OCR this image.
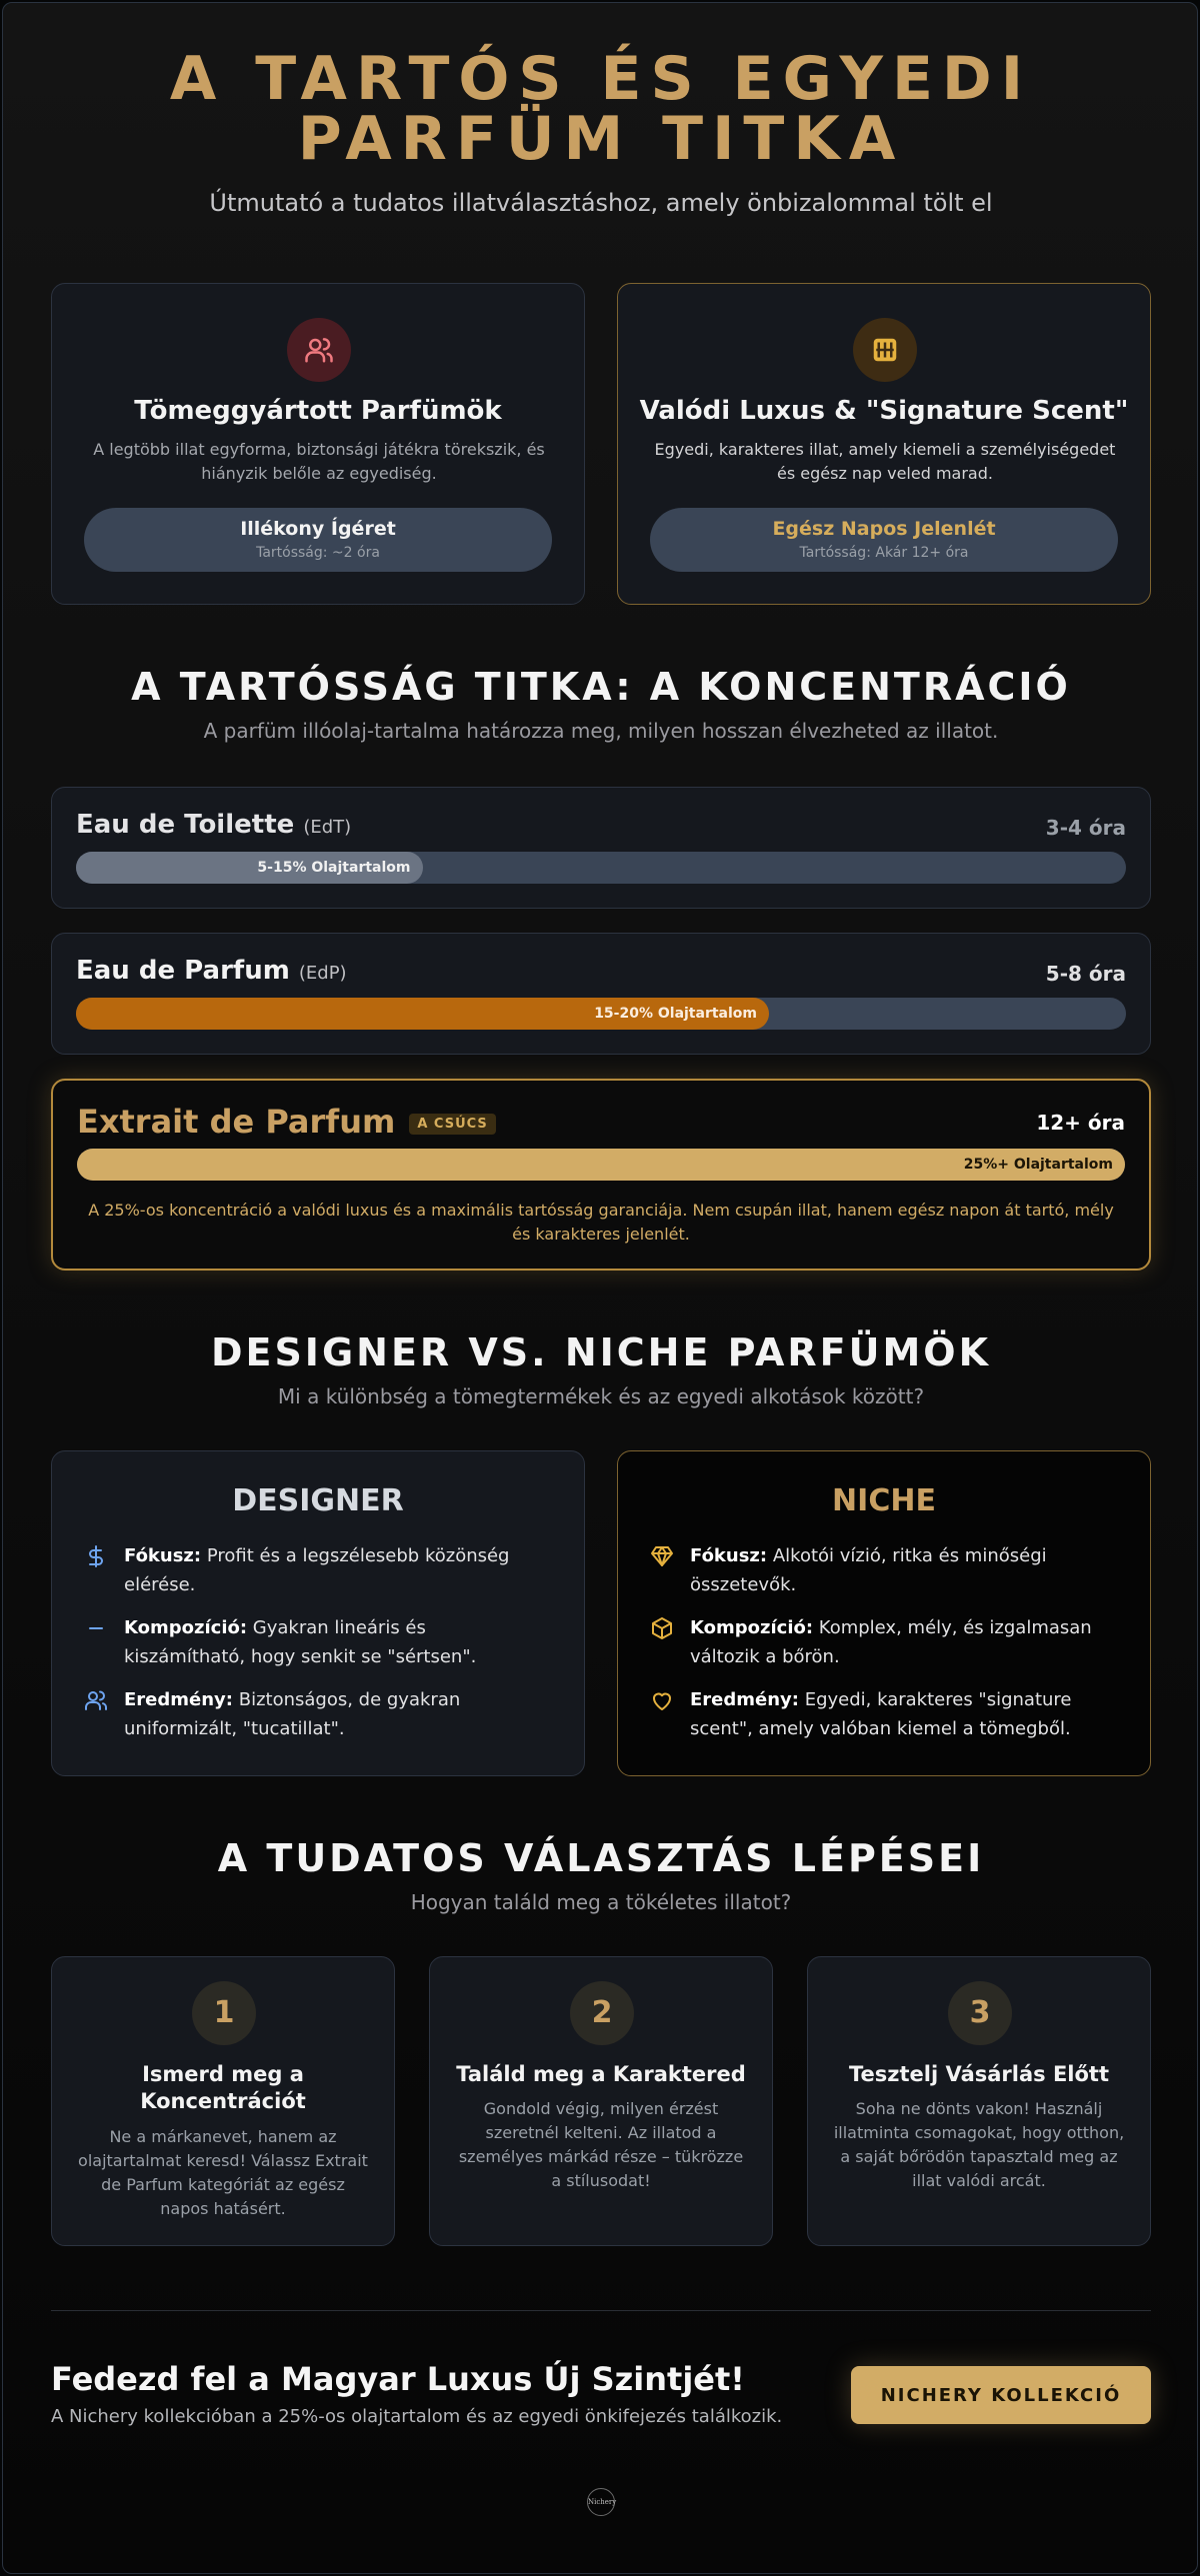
A TARTÓS ÉS EGYEDI
PARFÜM TITKA
Útmutató a tudatos illatválasztáshoz, amely önbizalommal tölt el
Tömeggyártott Parfümök
A legtöbb illat egyforma, biztonsági játékra törekszik, és hiányzik belőle az egyediség.
Illékony Ígéret
Tartósság: ~2 óra
Valódi Luxus & "Signature Scent"
Egyedi, karakteres illat, amely kiemeli a személyiségedet és egész nap veled marad.
Egész Napos Jelenlét
Tartósság: Akár 12+ óra
A TARTÓSSÁG TITKA: A KONCENTRÁCIÓ
A parfüm illóolaj-tartalma határozza meg, milyen hosszan élvezheted az illatot.
Eau de Toilette (EdT)	3-4 óra
5-15% Olajtartalom
Eau de Parfum (EdP)	5-8 óra
15-20% Olajtartalom
Extrait de Parfum A CSÚCS	12+ óra
25%+ Olajtartalom
A 25%-os koncentráció a valódi luxus és a maximális tartósság garanciája. Nem csupán illat, hanem egész napon át tartó, mély és karakteres jelenlét.
DESIGNER VS. NICHE PARFÜMÖK
Mi a különbség a tömegtermékek és az egyedi alkotások között?
DESIGNER
Fókusz: Profit és a legszélesebb közönség elérése.
Kompozíció: Gyakran lineáris és kiszámítható, hogy senkit se "sértsen".
Eredmény: Biztonságos, de gyakran uniformizált, "tucatillat".
NICHE
Fókusz: Alkotói vízió, ritka és minőségi összetevők.
Kompozíció: Komplex, mély, és izgalmasan változik a bőrön.
Eredmény: Egyedi, karakteres "signature scent", amely valóban kiemel a tömegből.
A TUDATOS VÁLASZTÁS LÉPÉSEI
Hogyan találd meg a tökéletes illatot?
1
Ismerd meg a
Koncentrációt
Ne a márkanevet, hanem az
olajtartalmat keresd! Válassz Extrait
de Parfum kategóriát az egész
napos hatásért.
2
Találd meg a Karaktered
Gondold végig, milyen érzést
szeretnél kelteni. Az illatod a
személyes márkád része – tükrözze
a stílusodat!
3
Tesztelj Vásárlás Előtt
Soha ne dönts vakon! Használj
illatminta csomagokat, hogy otthon,
a saját bőrödön tapasztald meg az
illat valódi arcát.
Fedezd fel a Magyar Luxus Új Szintjét!
A Nichery kollekcióban a 25%-os olajtartalom és az egyedi önkifejezés találkozik.
NICHERY KOLLEKCIÓ
Nichery
